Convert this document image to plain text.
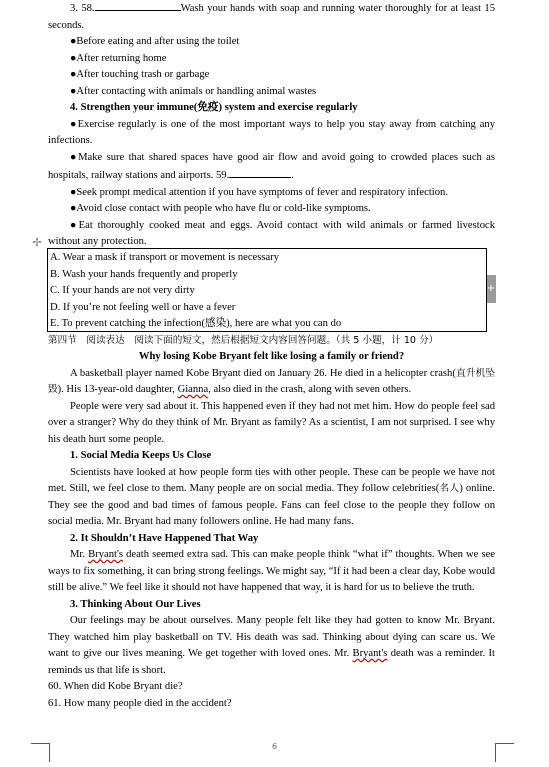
✢
+

3. 58.	Wash your hands with soap and running water thoroughly for at least 15 seconds.

●Before eating and after using the toilet

●After returning home

●After touching trash or garbage

●After contacting with animals or handling animal wastes

4. Strengthen your immune(免疫) system and exercise regularly

●Exercise regularly is one of the most important ways to help you stay away from catching any infections.

●Make sure that shared spaces have good air flow and avoid going to crowded places such as hospitals, railway stations and airports. 59.	.

●Seek prompt medical attention if you have symptoms of fever and respiratory infection.

●Avoid close contact with people who have flu or cold-like symptoms.

●Eat thoroughly cooked meat and eggs. Avoid contact with wild animals or farmed livestock without any protection.

A. Wear a mask if transport or movement is necessary

B. Wash your hands frequently and properly

C. If your hands are not very dirty

D. If you’re not feeling well or have a fever

E. To prevent catching the infection(感染), here are what you can do

第四节　阅读表达　阅读下面的短文，然后根据短文内容回答问题。（共 5 小题，计 10 分）

Why losing Kobe Bryant felt like losing a family or friend?

A basketball player named Kobe Bryant died on January 26. He died in a helicopter crash(直升机坠毁). His 13-year-old daughter, Gianna, also died in the crash, along with seven others.

People were very sad about it. This happened even if they had not met him. How do people feel sad over a stranger? Why do they think of Mr. Bryant as family? As a scientist, I am not surprised. I see why his death hurt some people.

1. Social Media Keeps Us Close

Scientists have looked at how people form ties with other people. These can be people we have not met. Still, we feel close to them. Many people are on social media. They follow celebrities(名人) online. They see the good and bad times of famous people. Fans can feel close to the people they follow on social media. Mr. Bryant had many followers online. He had many fans.

2. It Shouldn’t Have Happened That Way

Mr. Bryant's death seemed extra sad. This can make people think “what if” thoughts. When we see ways to fix something, it can bring strong feelings. We might say, “If it had been a clear day, Kobe would still be alive.” We feel like it should not have happened that way, it is hard for us to believe the truth.

3. Thinking About Our Lives

Our feelings may be about ourselves. Many people felt like they had gotten to know Mr. Bryant. They watched him play basketball on TV. His death was sad. Thinking about dying can scare us. We want to give our lives meaning. We get together with loved ones. Mr. Bryant's death was a reminder. It reminds us that life is short.

60. When did Kobe Bryant die?

61. How many people died in the accident?

6
